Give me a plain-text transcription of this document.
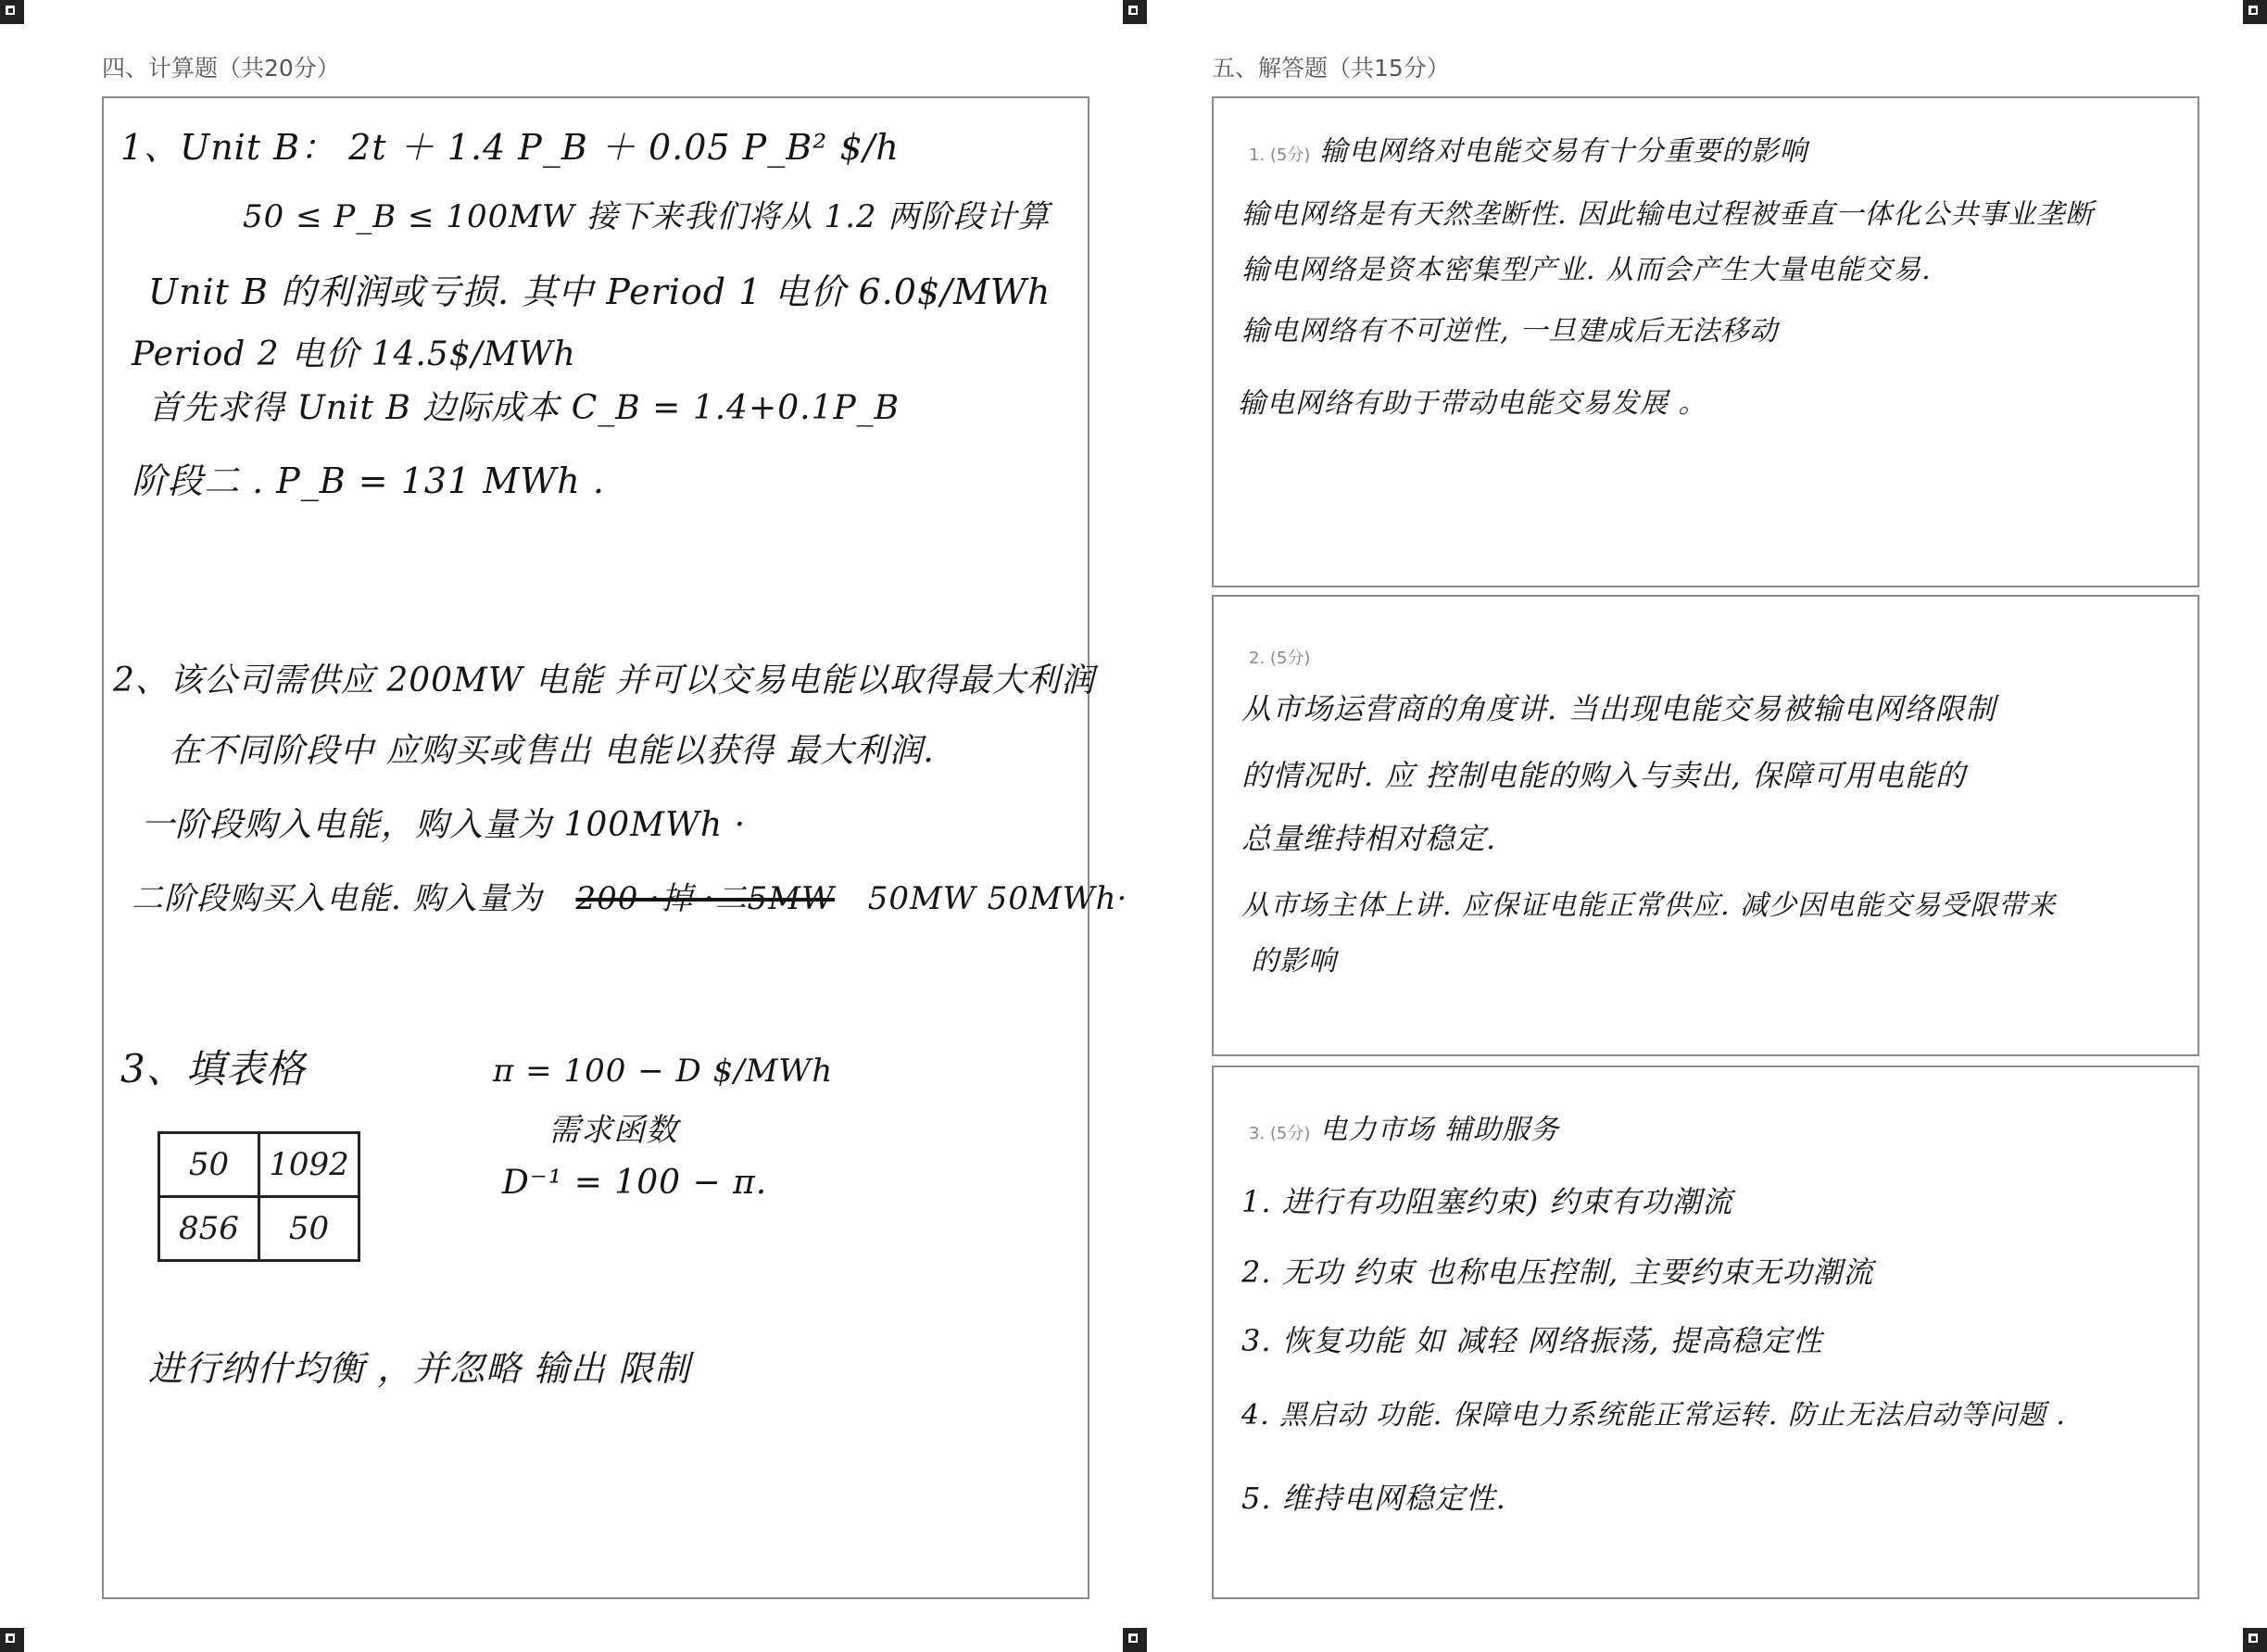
四、计算题（共20分）
1、Unit B： 2t ＋ 1.4 P_B ＋ 0.05 P_B² $/h
50 ≤ P_B ≤ 100MW 接下来我们将从 1.2 两阶段计算
Unit B 的利润或亏损. 其中 Period 1 电价 6.0$/MWh
Period 2 电价 14.5$/MWh
首先求得 Unit B 边际成本 C_B = 1.4+0.1P_B
阶段二 . P_B = 131 MWh .
2、该公司需供应 200MW 电能 并可以交易电能以取得最大利润
在不同阶段中 应购买或售出 电能以获得 最大利润.
一阶段购入电能，购入量为 100MWh ·
二阶段购买入电能. 购入量为 200 ·掉 ·二5MW 50MW 50MWh·
3、填表格	π = 100 − D $/MWh
需求函数
D⁻¹ = 100 − π.
50	1092
856	50
进行纳什均衡 ，并忽略 输出 限制
五、解答题（共15分）
1. (5分) 输电网络对电能交易有十分重要的影响
输电网络是有天然垄断性. 因此输电过程被垂直一体化公共事业垄断
输电网络是资本密集型产业. 从而会产生大量电能交易.
输电网络有不可逆性, 一旦建成后无法移动
输电网络有助于带动电能交易发展 。
2. (5分)
从市场运营商的角度讲. 当出现电能交易被输电网络限制
的情况时. 应 控制电能的购入与卖出, 保障可用电能的
总量维持相对稳定.
从市场主体上讲. 应保证电能正常供应. 减少因电能交易受限带来
的影响
3. (5分) 电力市场 辅助服务
1. 进行有功阻塞约束) 约束有功潮流
2. 无功 约束 也称电压控制, 主要约束无功潮流
3. 恢复功能 如 减轻 网络振荡, 提高稳定性
4. 黑启动 功能. 保障电力系统能正常运转. 防止无法启动等问题 .
5. 维持电网稳定性.
